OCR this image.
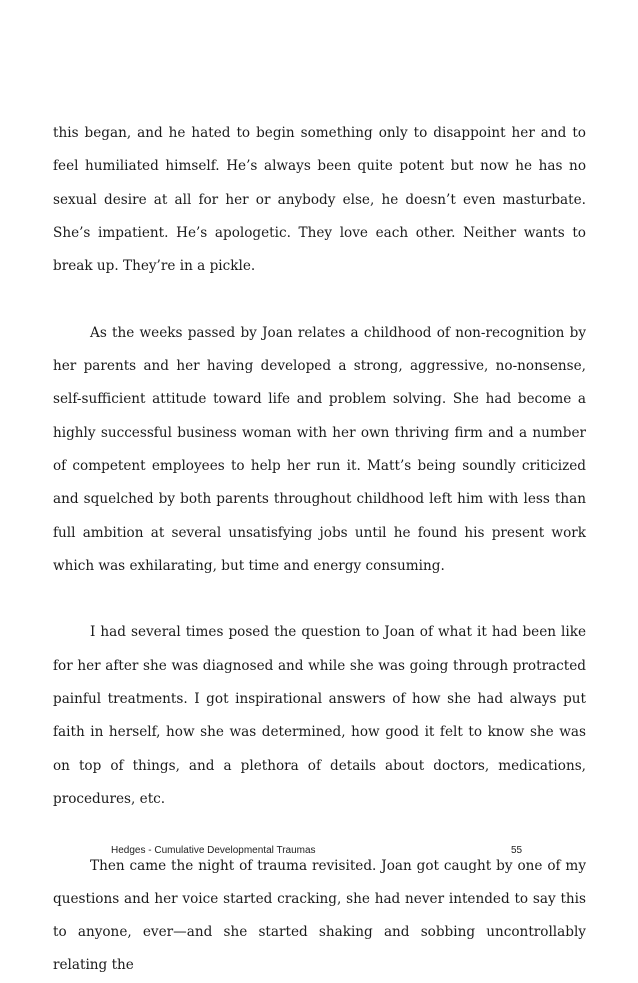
this began, and he hated to begin something only to disappoint her and to feel humiliated himself. He’s always been quite potent but now he has no sexual desire at all for her or anybody else, he doesn’t even masturbate. She’s impatient. He’s apologetic. They love each other. Neither wants to break up. They’re in a pickle.

As the weeks passed by Joan relates a childhood of non-recognition by her parents and her having developed a strong, aggressive, no-nonsense, self-sufficient attitude toward life and problem solving. She had become a highly successful business woman with her own thriving firm and a number of competent employees to help her run it. Matt’s being soundly criticized and squelched by both parents throughout childhood left him with less than full ambition at several unsatisfying jobs until he found his present work which was exhilarating, but time and energy consuming.

I had several times posed the question to Joan of what it had been like for her after she was diagnosed and while she was going through protracted painful treatments. I got inspirational answers of how she had always put faith in herself, how she was determined, how good it felt to know she was on top of things, and a plethora of details about doctors, medications, procedures, etc.

Then came the night of trauma revisited. Joan got caught by one of my questions and her voice started cracking, she had never intended to say this to anyone, ever—and she started shaking and sobbing uncontrollably relating the

Hedges - Cumulative Developmental Traumas	55
